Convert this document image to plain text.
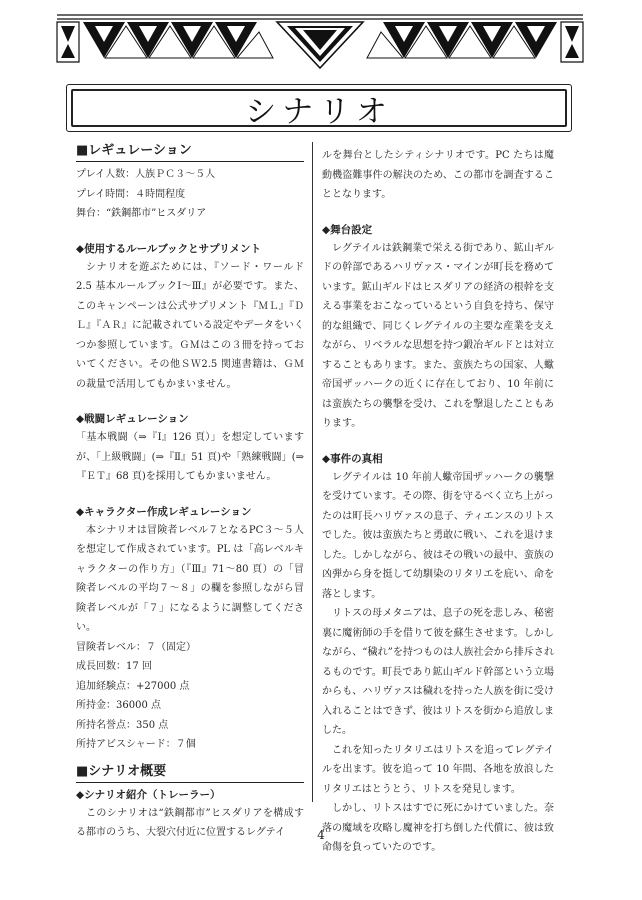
シナリオ
■レギュレーション

プレイ人数：人族ＰＣ３～５人

プレイ時間：４時間程度

舞台：“鉄鋼都市”ヒスダリア

◆使用するルールブックとサプリメント

シナリオを遊ぶためには、『ソード・ワールド2.5 基本ルールブックⅠ～Ⅲ』が必要です。また、このキャンペーンは公式サプリメント『ＭＬ』『ＤＬ』『ＡＲ』に記載されている設定やデータをいくつか参照しています。ＧＭはこの３冊を持っておいてください。その他ＳＷ2.5 関連書籍は、ＧＭの裁量で活用してもかまいません。

◆戦闘レギュレーション

「基本戦闘（⇒『Ⅰ』126 頁）」を想定していますが、「上級戦闘」(⇒『Ⅱ』51 頁)や「熟練戦闘」(⇒『ＥＴ』68 頁)を採用してもかまいません。

◆キャラクター作成レギュレーション

本シナリオは冒険者レベル７となるPC３～５人を想定して作成されています。PL は「高レベルキャラクターの作り方」（『Ⅲ』71～80 頁）の「冒険者レベルの平均７～８」の欄を参照しながら冒険者レベルが「７」になるように調整してください。

冒険者レベル：７（固定）

成長回数：17 回

追加経験点：+27000 点

所持金：36000 点

所持名誉点：350 点

所持アビスシャード：７個

■シナリオ概要

◆シナリオ紹介（トレーラー）

このシナリオは“鉄鋼都市”ヒスダリアを構成する都市のうち、大裂穴付近に位置するレグテイ

ルを舞台としたシティシナリオです。PC たちは魔動機盗難事件の解決のため、この都市を調査することとなります。

◆舞台設定

レグテイルは鉄鋼業で栄える街であり、鉱山ギルドの幹部であるハリヴァス・マインが町長を務めています。鉱山ギルドはヒスダリアの経済の根幹を支える事業をおこなっているという自負を持ち、保守的な組織で、同じくレグテイルの主要な産業を支えながら、リベラルな思想を持つ鍛冶ギルドとは対立することもあります。また、蛮族たちの国家、人蠍帝国ザッハークの近くに存在しており、10 年前には蛮族たちの襲撃を受け、これを撃退したこともあります。

◆事件の真相

レグテイルは 10 年前人蠍帝国ザッハークの襲撃を受けています。その際、街を守るべく立ち上がったのは町長ハリヴァスの息子、ティエンスのリトスでした。彼は蛮族たちと勇敢に戦い、これを退けました。しかしながら、彼はその戦いの最中、蛮族の凶弾から身を挺して幼馴染のリタリエを庇い、命を落とします。

リトスの母メタニアは、息子の死を悲しみ、秘密裏に魔術師の手を借りて彼を蘇生させます。しかしながら、“穢れ”を持つものは人族社会から排斥されるものです。町長であり鉱山ギルド幹部という立場からも、ハリヴァスは穢れを持った人族を街に受け入れることはできず、彼はリトスを街から追放しました。

これを知ったリタリエはリトスを追ってレグテイルを出ます。彼を追って 10 年間、各地を放浪したリタリエはとうとう、リトスを発見します。

しかし、リトスはすでに死にかけていました。奈落の魔域を攻略し魔神を打ち倒した代償に、彼は致命傷を負っていたのです。

4
